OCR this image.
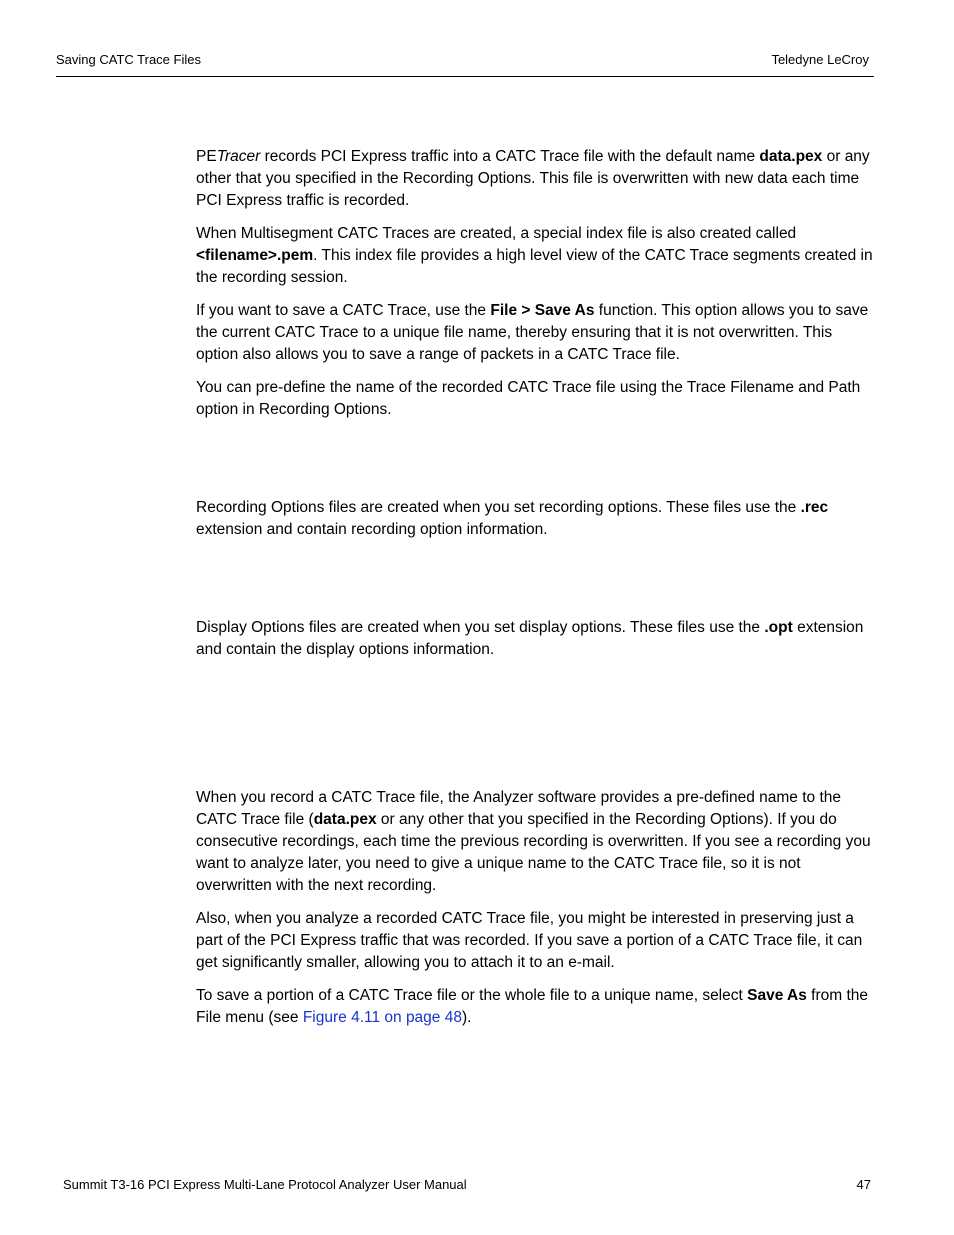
Saving CATC Trace Files	Teledyne LeCroy

PETracer records PCI Express traffic into a CATC Trace file with the default name data.pex or any other that you specified in the Recording Options. This file is overwritten with new data each time PCI Express traffic is recorded.

When Multisegment CATC Traces are created, a special index file is also created called <filename>.pem. This index file provides a high level view of the CATC Trace segments created in the recording session.

If you want to save a CATC Trace, use the File > Save As function. This option allows you to save the current CATC Trace to a unique file name, thereby ensuring that it is not overwritten. This option also allows you to save a range of packets in a CATC Trace file.

You can pre-define the name of the recorded CATC Trace file using the Trace Filename and Path option in Recording Options.

Recording Options files are created when you set recording options. These files use the .rec extension and contain recording option information.

Display Options files are created when you set display options. These files use the .opt extension and contain the display options information.

When you record a CATC Trace file, the Analyzer software provides a pre-defined name to the CATC Trace file (data.pex or any other that you specified in the Recording Options). If you do consecutive recordings, each time the previous recording is overwritten. If you see a recording you want to analyze later, you need to give a unique name to the CATC Trace file, so it is not overwritten with the next recording.

Also, when you analyze a recorded CATC Trace file, you might be interested in preserving just a part of the PCI Express traffic that was recorded. If you save a portion of a CATC Trace file, it can get significantly smaller, allowing you to attach it to an e-mail.

To save a portion of a CATC Trace file or the whole file to a unique name, select Save As from the File menu (see Figure 4.11 on page 48).

Summit T3-16 PCI Express Multi-Lane Protocol Analyzer User Manual	47
